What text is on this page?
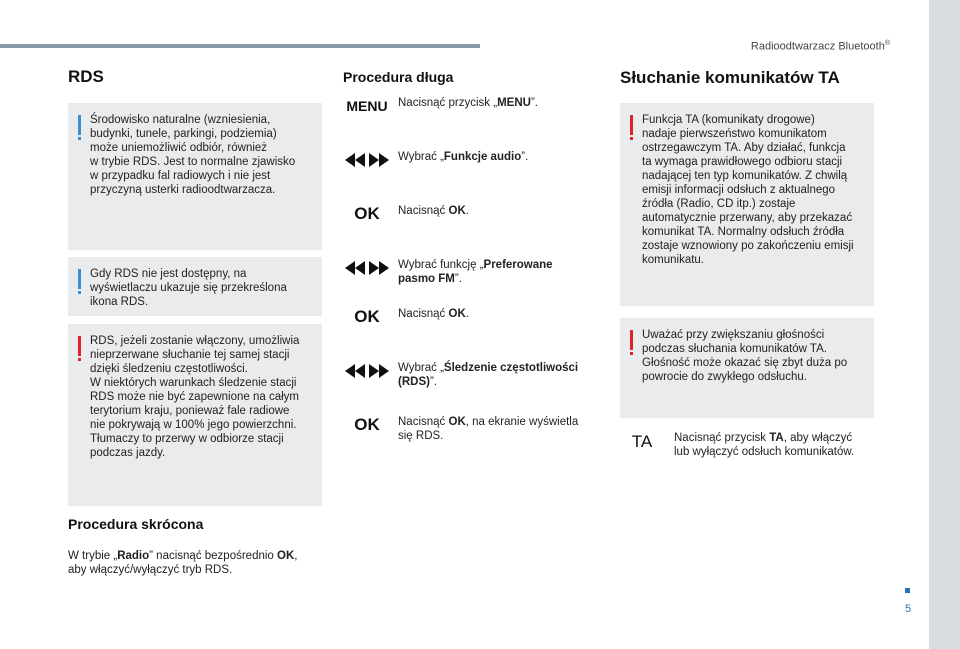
Radioodtwarzacz Bluetooth®
5
RDS

Środowisko naturalne (wzniesienia,
budynki, tunele, parkingi, podziemia)
może uniemożliwić odbiór, również
w trybie RDS. Jest to normalne zjawisko
w przypadku fal radiowych i nie jest
przyczyną usterki radioodtwarzacza.

Gdy RDS nie jest dostępny, na
wyświetlaczu ukazuje się przekreślona
ikona RDS.

RDS, jeżeli zostanie włączony, umożliwia
nieprzerwane słuchanie tej samej stacji
dzięki śledzeniu częstotliwości.
W niektórych warunkach śledzenie stacji
RDS może nie być zapewnione na całym
terytorium kraju, ponieważ fale radiowe
nie pokrywają w 100% jego powierzchni.
Tłumaczy to przerwy w odbiorze stacji
podczas jazdy.

Procedura skrócona
W trybie „Radio” nacisnąć bezpośrednio OK,
aby włączyć/wyłączyć tryb RDS.
Procedura długa
MENU Nacisnąć przycisk „MENU”.
Wybrać „Funkcje audio”.
OK	Nacisnąć OK.
Wybrać funkcję „Preferowane pasmo FM”.
OK	Nacisnąć OK.
Wybrać „Śledzenie częstotliwości (RDS)”.
OK	Nacisnąć OK, na ekranie wyświetla się RDS.
Słuchanie komunikatów TA

Funkcja TA (komunikaty drogowe)
nadaje pierwszeństwo komunikatom
ostrzegawczym TA. Aby działać, funkcja
ta wymaga prawidłowego odbioru stacji
nadającej ten typ komunikatów. Z chwilą
emisji informacji odsłuch z aktualnego
źródła (Radio, CD itp.) zostaje
automatycznie przerwany, aby przekazać
komunikat TA. Normalny odsłuch źródła
zostaje wznowiony po zakończeniu emisji
komunikatu.

Uważać przy zwiększaniu głośności
podczas słuchania komunikatów TA.
Głośność może okazać się zbyt duża po
powrocie do zwykłego odsłuchu.

TA	Nacisnąć przycisk TA, aby włączyć
lub wyłączyć odsłuch komunikatów.
